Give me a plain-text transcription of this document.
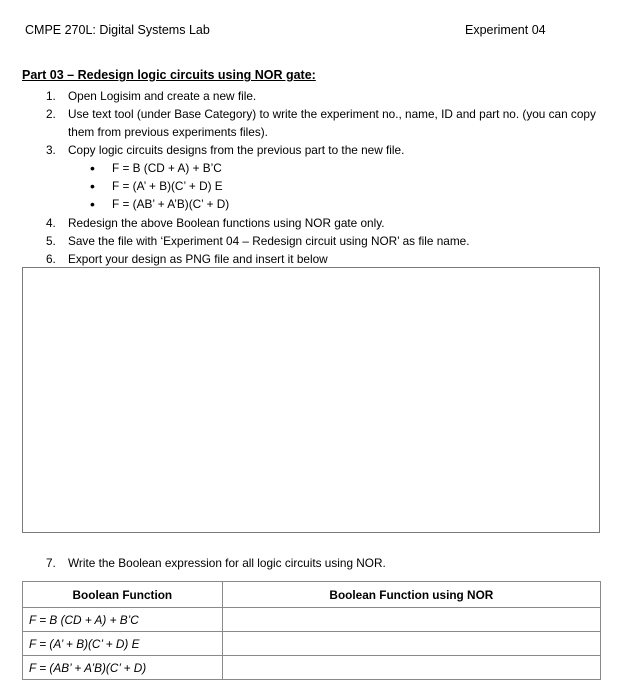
CMPE 270L: Digital Systems Lab	Experiment 04
Part 03 – Redesign logic circuits using NOR gate:
1. Open Logisim and create a new file.
2. Use text tool (under Base Category) to write the experiment no., name, ID and part no. (you can copy them from previous experiments files).
3. Copy logic circuits designs from the previous part to the new file.
• F = B (CD + A) + B’C
• F = (A’ + B)(C’ + D) E
• F = (AB’ + A’B)(C’ + D)
4. Redesign the above Boolean functions using NOR gate only.
5. Save the file with ‘Experiment 04 – Redesign circuit using NOR’ as file name.
6. Export your design as PNG file and insert it below
7. Write the Boolean expression for all logic circuits using NOR.
Boolean Function	Boolean Function using NOR
F = B (CD + A) + B’C	
F = (A’ + B)(C’ + D) E	
F = (AB’ + A’B)(C’ + D)	
